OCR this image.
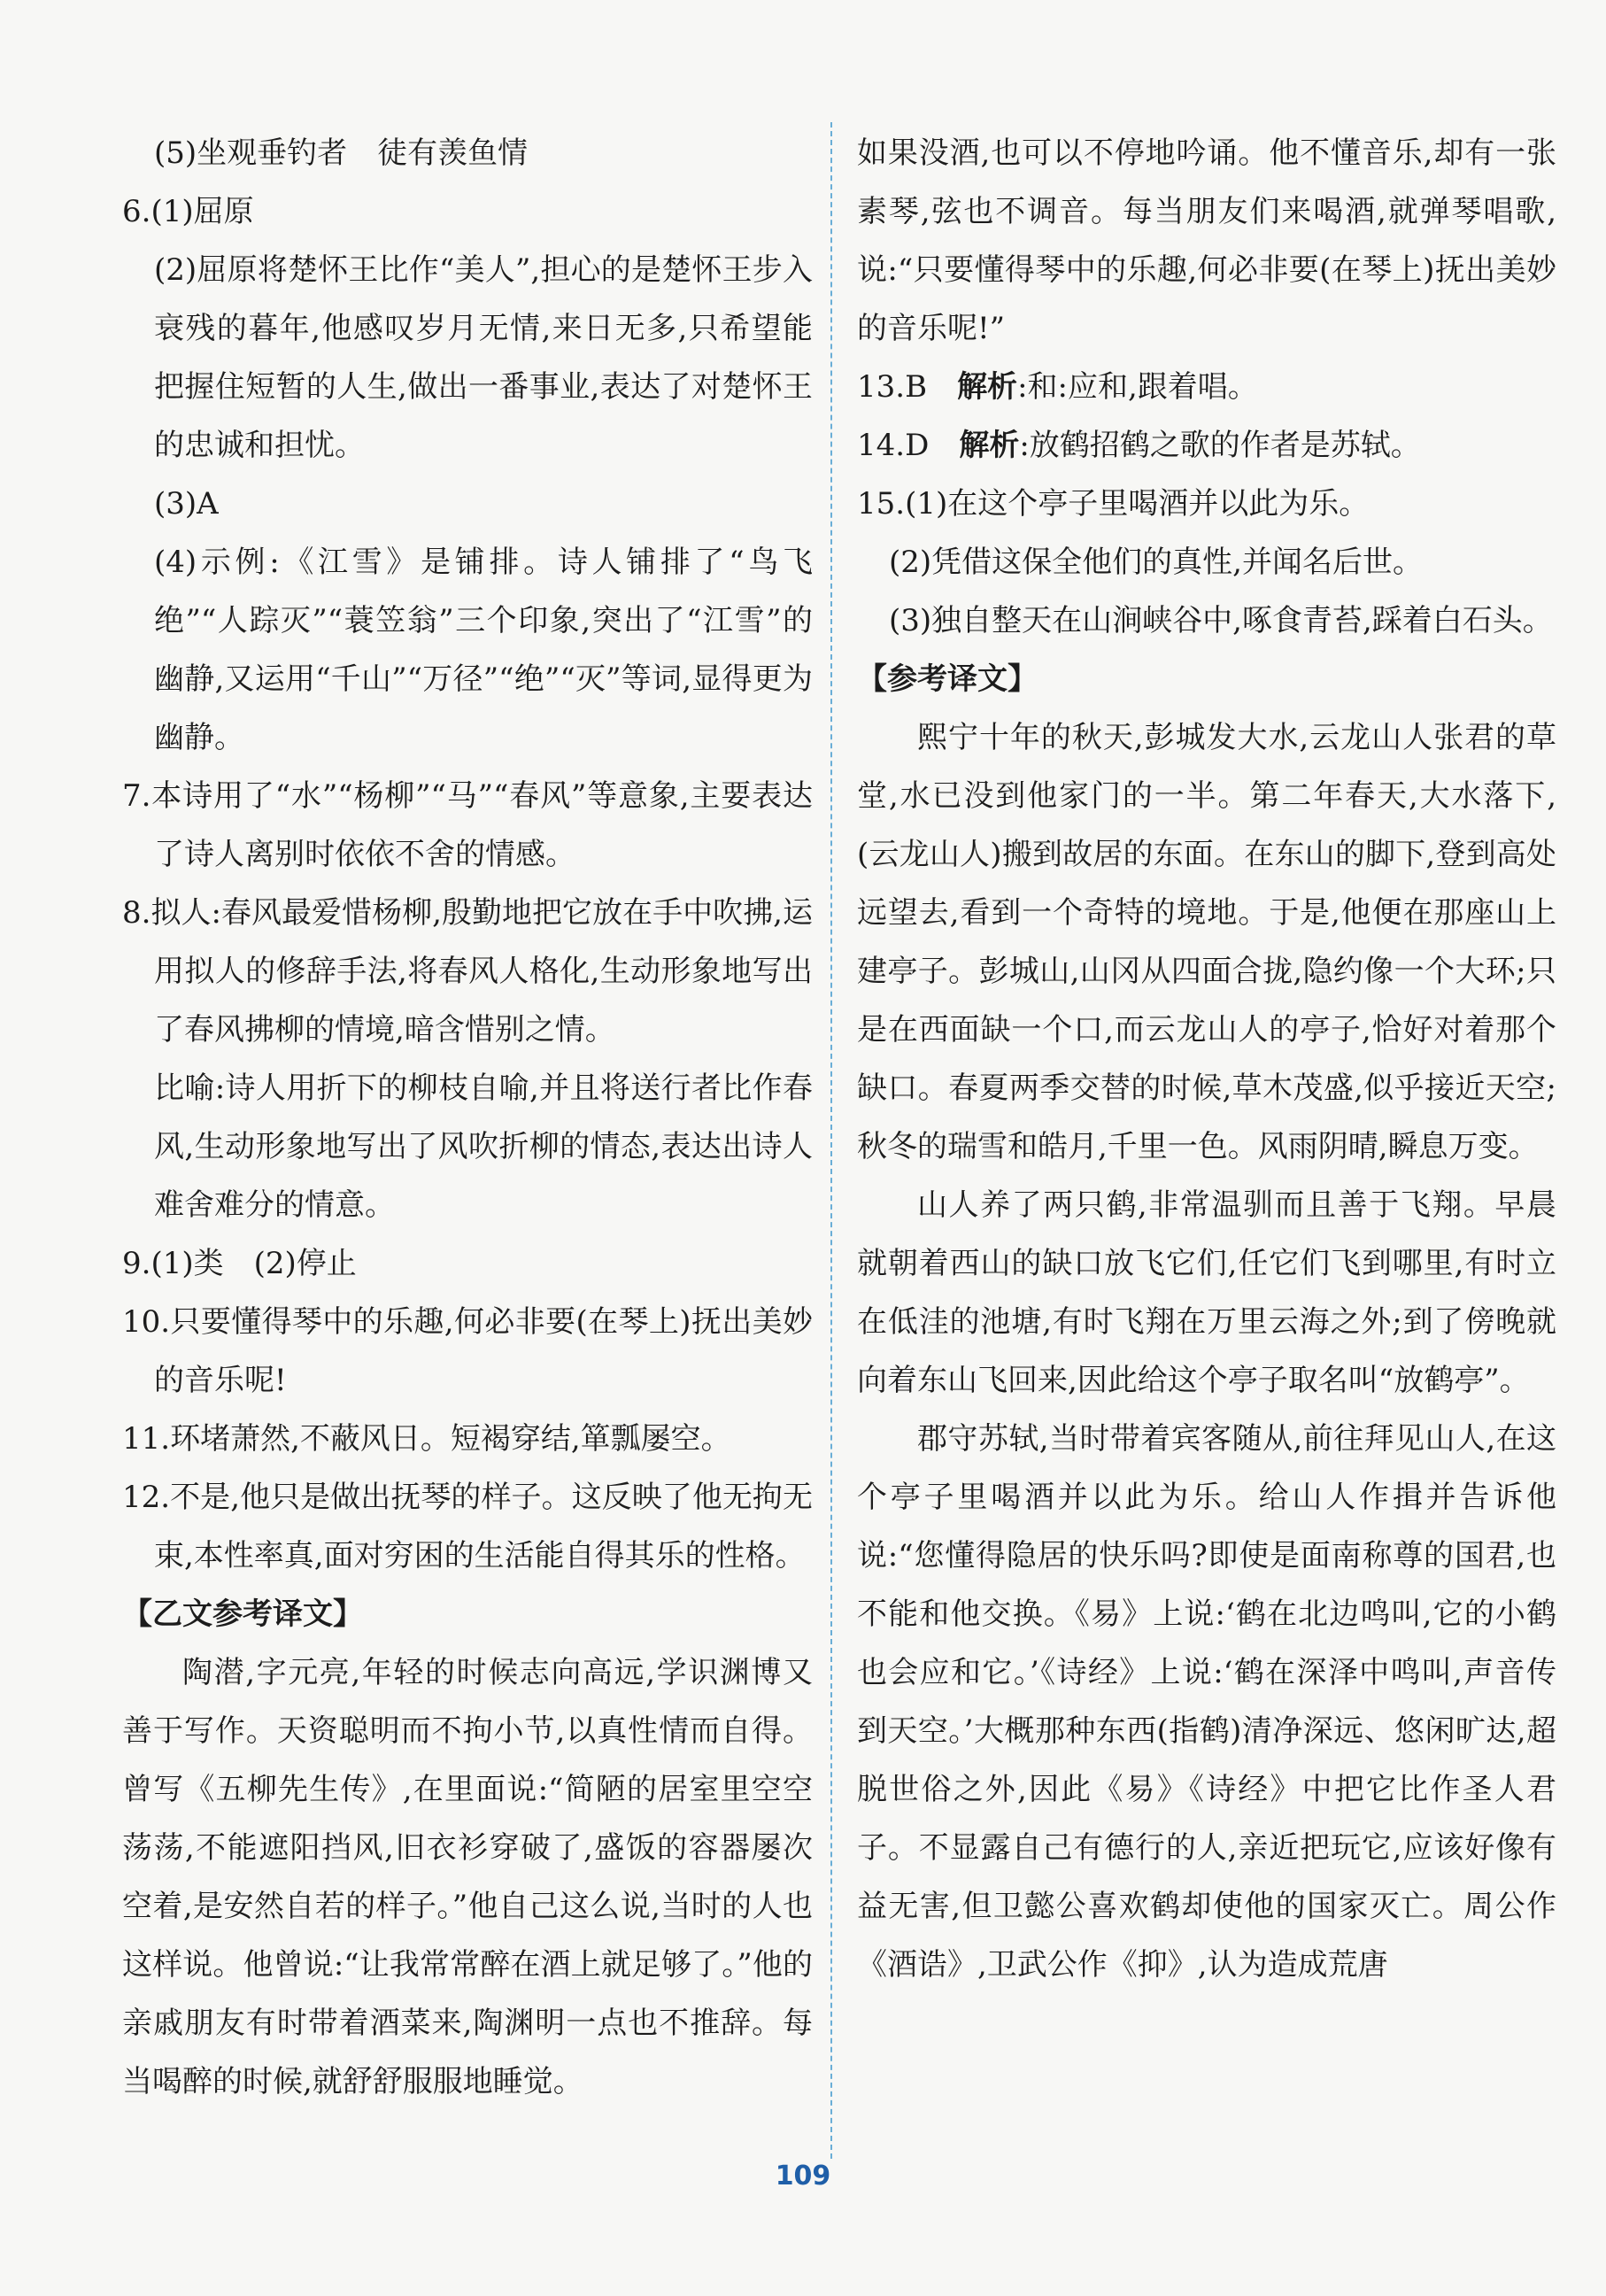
(5)坐观垂钓者　徒有羡鱼情

6.(1)屈原

(2)屈原将楚怀王比作“美人”,担心的是楚怀王步入衰残的暮年,他感叹岁月无情,来日无多,只希望能把握住短暂的人生,做出一番事业,表达了对楚怀王的忠诚和担忧。

(3)A

(4)示例:《江雪》是铺排。诗人铺排了“鸟飞绝”“人踪灭”“蓑笠翁”三个印象,突出了“江雪”的幽静,又运用“千山”“万径”“绝”“灭”等词,显得更为幽静。

7.本诗用了“水”“杨柳”“马”“春风”等意象,主要表达了诗人离别时依依不舍的情感。

8.拟人:春风最爱惜杨柳,殷勤地把它放在手中吹拂,运用拟人的修辞手法,将春风人格化,生动形象地写出了春风拂柳的情境,暗含惜别之情。

比喻:诗人用折下的柳枝自喻,并且将送行者比作春风,生动形象地写出了风吹折柳的情态,表达出诗人难舍难分的情意。

9.(1)类　(2)停止

10.只要懂得琴中的乐趣,何必非要(在琴上)抚出美妙的音乐呢!

11.环堵萧然,不蔽风日。短褐穿结,箪瓢屡空。

12.不是,他只是做出抚琴的样子。这反映了他无拘无束,本性率真,面对穷困的生活能自得其乐的性格。

【乙文参考译文】

陶潜,字元亮,年轻的时候志向高远,学识渊博又善于写作。天资聪明而不拘小节,以真性情而自得。曾写《五柳先生传》,在里面说:“简陋的居室里空空荡荡,不能遮阳挡风,旧衣衫穿破了,盛饭的容器屡次空着,是安然自若的样子。”他自己这么说,当时的人也这样说。他曾说:“让我常常醉在酒上就足够了。”他的亲戚朋友有时带着酒菜来,陶渊明一点也不推辞。每当喝醉的时候,就舒舒服服地睡觉。

如果没酒,也可以不停地吟诵。他不懂音乐,却有一张素琴,弦也不调音。每当朋友们来喝酒,就弹琴唱歌,说:“只要懂得琴中的乐趣,何必非要(在琴上)抚出美妙的音乐呢!”

13.B　解析:和:应和,跟着唱。

14.D　解析:放鹤招鹤之歌的作者是苏轼。

15.(1)在这个亭子里喝酒并以此为乐。

(2)凭借这保全他们的真性,并闻名后世。

(3)独自整天在山涧峡谷中,啄食青苔,踩着白石头。

【参考译文】

熙宁十年的秋天,彭城发大水,云龙山人张君的草堂,水已没到他家门的一半。第二年春天,大水落下,(云龙山人)搬到故居的东面。在东山的脚下,登到高处远望去,看到一个奇特的境地。于是,他便在那座山上建亭子。彭城山,山冈从四面合拢,隐约像一个大环;只是在西面缺一个口,而云龙山人的亭子,恰好对着那个缺口。春夏两季交替的时候,草木茂盛,似乎接近天空;秋冬的瑞雪和皓月,千里一色。风雨阴晴,瞬息万变。

山人养了两只鹤,非常温驯而且善于飞翔。早晨就朝着西山的缺口放飞它们,任它们飞到哪里,有时立在低洼的池塘,有时飞翔在万里云海之外;到了傍晚就向着东山飞回来,因此给这个亭子取名叫“放鹤亭”。

郡守苏轼,当时带着宾客随从,前往拜见山人,在这个亭子里喝酒并以此为乐。给山人作揖并告诉他说:“您懂得隐居的快乐吗?即使是面南称尊的国君,也不能和他交换。《易》上说:‘鹤在北边鸣叫,它的小鹤也会应和它。’《诗经》上说:‘鹤在深泽中鸣叫,声音传到天空。’大概那种东西(指鹤)清净深远、悠闲旷达,超脱世俗之外,因此《易》《诗经》中把它比作圣人君子。不显露自己有德行的人,亲近把玩它,应该好像有益无害,但卫懿公喜欢鹤却使他的国家灭亡。周公作《酒诰》,卫武公作《抑》,认为造成荒唐

109
